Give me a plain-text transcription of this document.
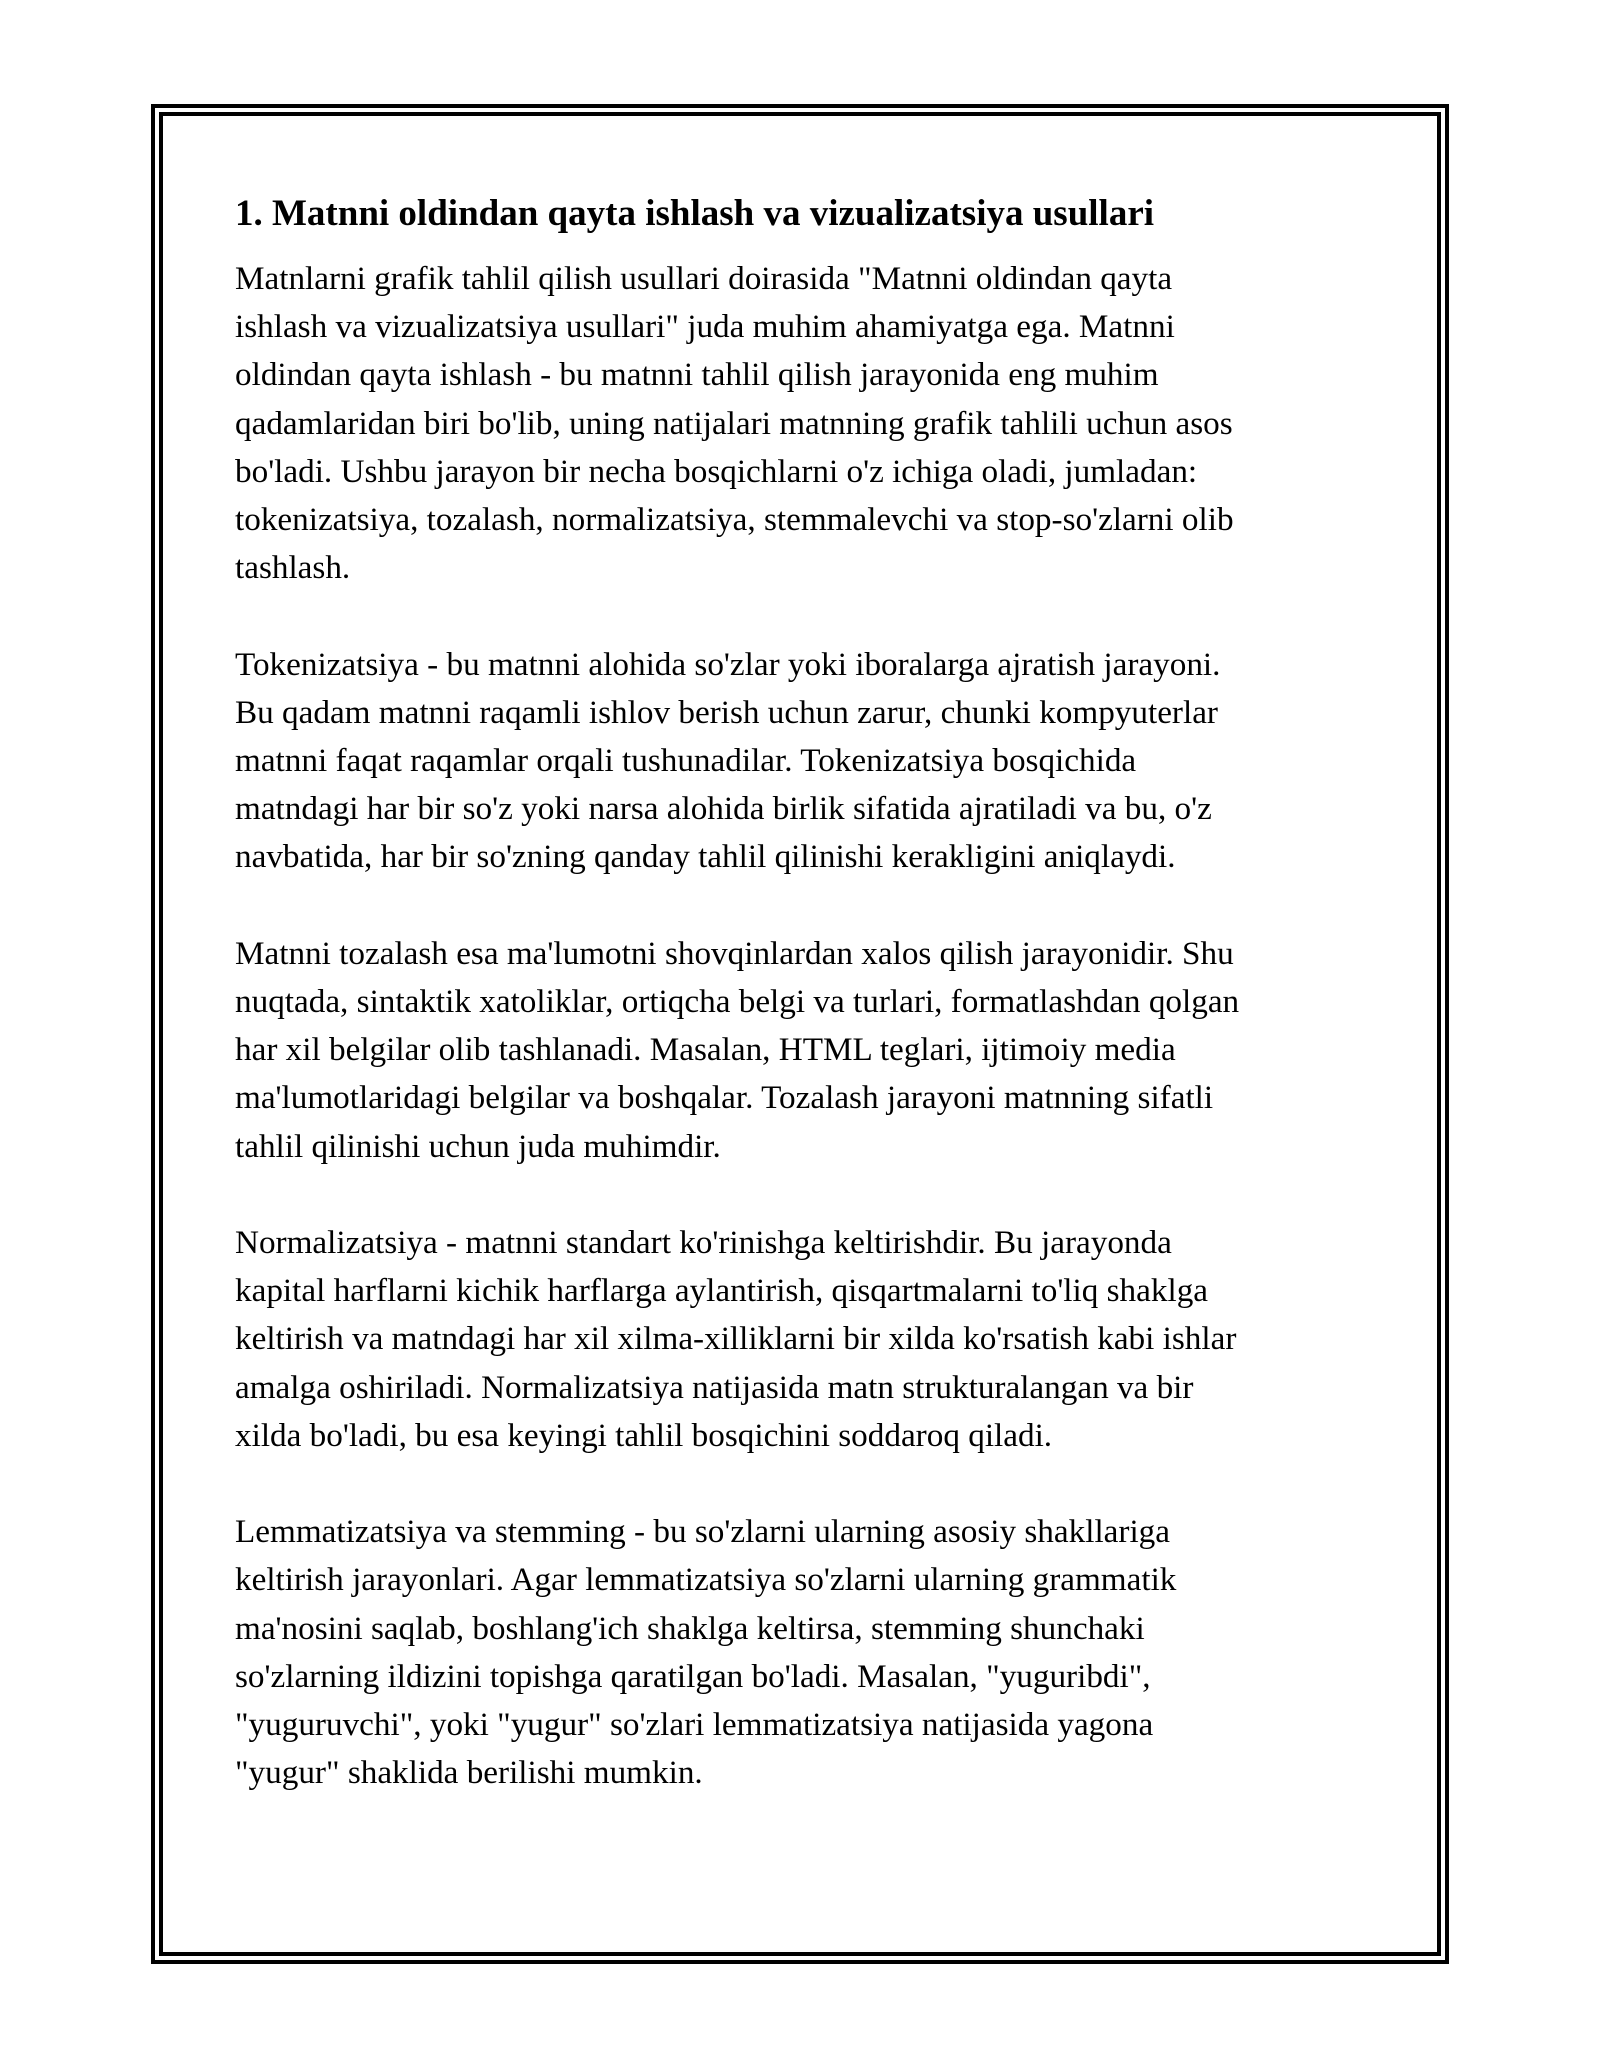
1. Matnni oldindan qayta ishlash va vizualizatsiya usullari

Matnlarni grafik tahlil qilish usullari doirasida "Matnni oldindan qayta
ishlash va vizualizatsiya usullari" juda muhim ahamiyatga ega. Matnni
oldindan qayta ishlash - bu matnni tahlil qilish jarayonida eng muhim
qadamlaridan biri bo'lib, uning natijalari matnning grafik tahlili uchun asos
bo'ladi. Ushbu jarayon bir necha bosqichlarni o'z ichiga oladi, jumladan:
tokenizatsiya, tozalash, normalizatsiya, stemmalevchi va stop-so'zlarni olib
tashlash.

Tokenizatsiya - bu matnni alohida so'zlar yoki iboralarga ajratish jarayoni.
Bu qadam matnni raqamli ishlov berish uchun zarur, chunki kompyuterlar
matnni faqat raqamlar orqali tushunadilar. Tokenizatsiya bosqichida
matndagi har bir so'z yoki narsa alohida birlik sifatida ajratiladi va bu, o'z
navbatida, har bir so'zning qanday tahlil qilinishi kerakligini aniqlaydi.

Matnni tozalash esa ma'lumotni shovqinlardan xalos qilish jarayonidir. Shu
nuqtada, sintaktik xatoliklar, ortiqcha belgi va turlari, formatlashdan qolgan
har xil belgilar olib tashlanadi. Masalan, HTML teglari, ijtimoiy media
ma'lumotlaridagi belgilar va boshqalar. Tozalash jarayoni matnning sifatli
tahlil qilinishi uchun juda muhimdir.

Normalizatsiya - matnni standart ko'rinishga keltirishdir. Bu jarayonda
kapital harflarni kichik harflarga aylantirish, qisqartmalarni to'liq shaklga
keltirish va matndagi har xil xilma-xilliklarni bir xilda ko'rsatish kabi ishlar
amalga oshiriladi. Normalizatsiya natijasida matn strukturalangan va bir
xilda bo'ladi, bu esa keyingi tahlil bosqichini soddaroq qiladi.

Lemmatizatsiya va stemming - bu so'zlarni ularning asosiy shakllariga
keltirish jarayonlari. Agar lemmatizatsiya so'zlarni ularning grammatik
ma'nosini saqlab, boshlang'ich shaklga keltirsa, stemming shunchaki
so'zlarning ildizini topishga qaratilgan bo'ladi. Masalan, "yuguribdi",
"yuguruvchi", yoki "yugur" so'zlari lemmatizatsiya natijasida yagona
"yugur" shaklida berilishi mumkin.
